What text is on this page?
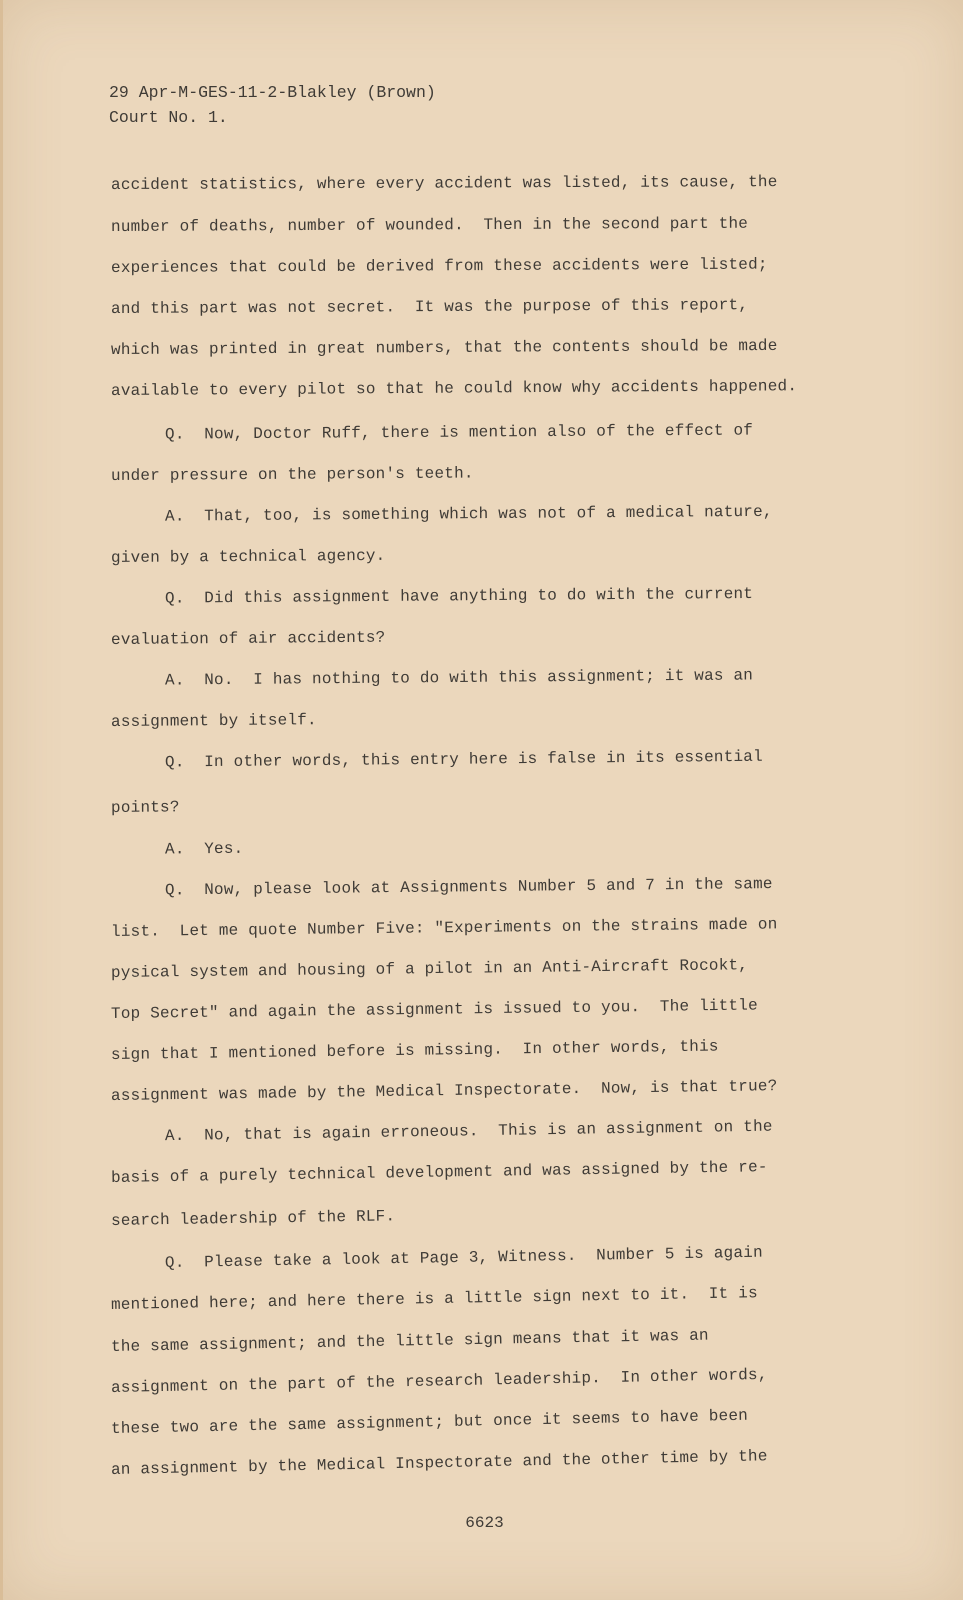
29 Apr-M-GES-11-2-Blakley (Brown)
Court No. 1.
accident statistics, where every accident was listed, its cause, the
number of deaths, number of wounded.  Then in the second part the
experiences that could be derived from these accidents were listed;
and this part was not secret.  It was the purpose of this report,
which was printed in great numbers, that the contents should be made
available to every pilot so that he could know why accidents happened.
Q.  Now, Doctor Ruff, there is mention also of the effect of
under pressure on the person's teeth.
A.  That, too, is something which was not of a medical nature,
given by a technical agency.
Q.  Did this assignment have anything to do with the current
evaluation of air accidents?
A.  No.  I has nothing to do with this assignment; it was an
assignment by itself.
Q.  In other words, this entry here is false in its essential
points?
A.  Yes.
Q.  Now, please look at Assignments Number 5 and 7 in the same
list.  Let me quote Number Five: "Experiments on the strains made on
pysical system and housing of a pilot in an Anti-Aircraft Rocokt,
Top Secret" and again the assignment is issued to you.  The little
sign that I mentioned before is missing.  In other words, this
assignment was made by the Medical Inspectorate.  Now, is that true?
A.  No, that is again erroneous.  This is an assignment on the
basis of a purely technical development and was assigned by the re-
search leadership of the RLF.
Q.  Please take a look at Page 3, Witness.  Number 5 is again
mentioned here; and here there is a little sign next to it.  It is
the same assignment; and the little sign means that it was an
assignment on the part of the research leadership.  In other words,
these two are the same assignment; but once it seems to have been
an assignment by the Medical Inspectorate and the other time by the
6623
